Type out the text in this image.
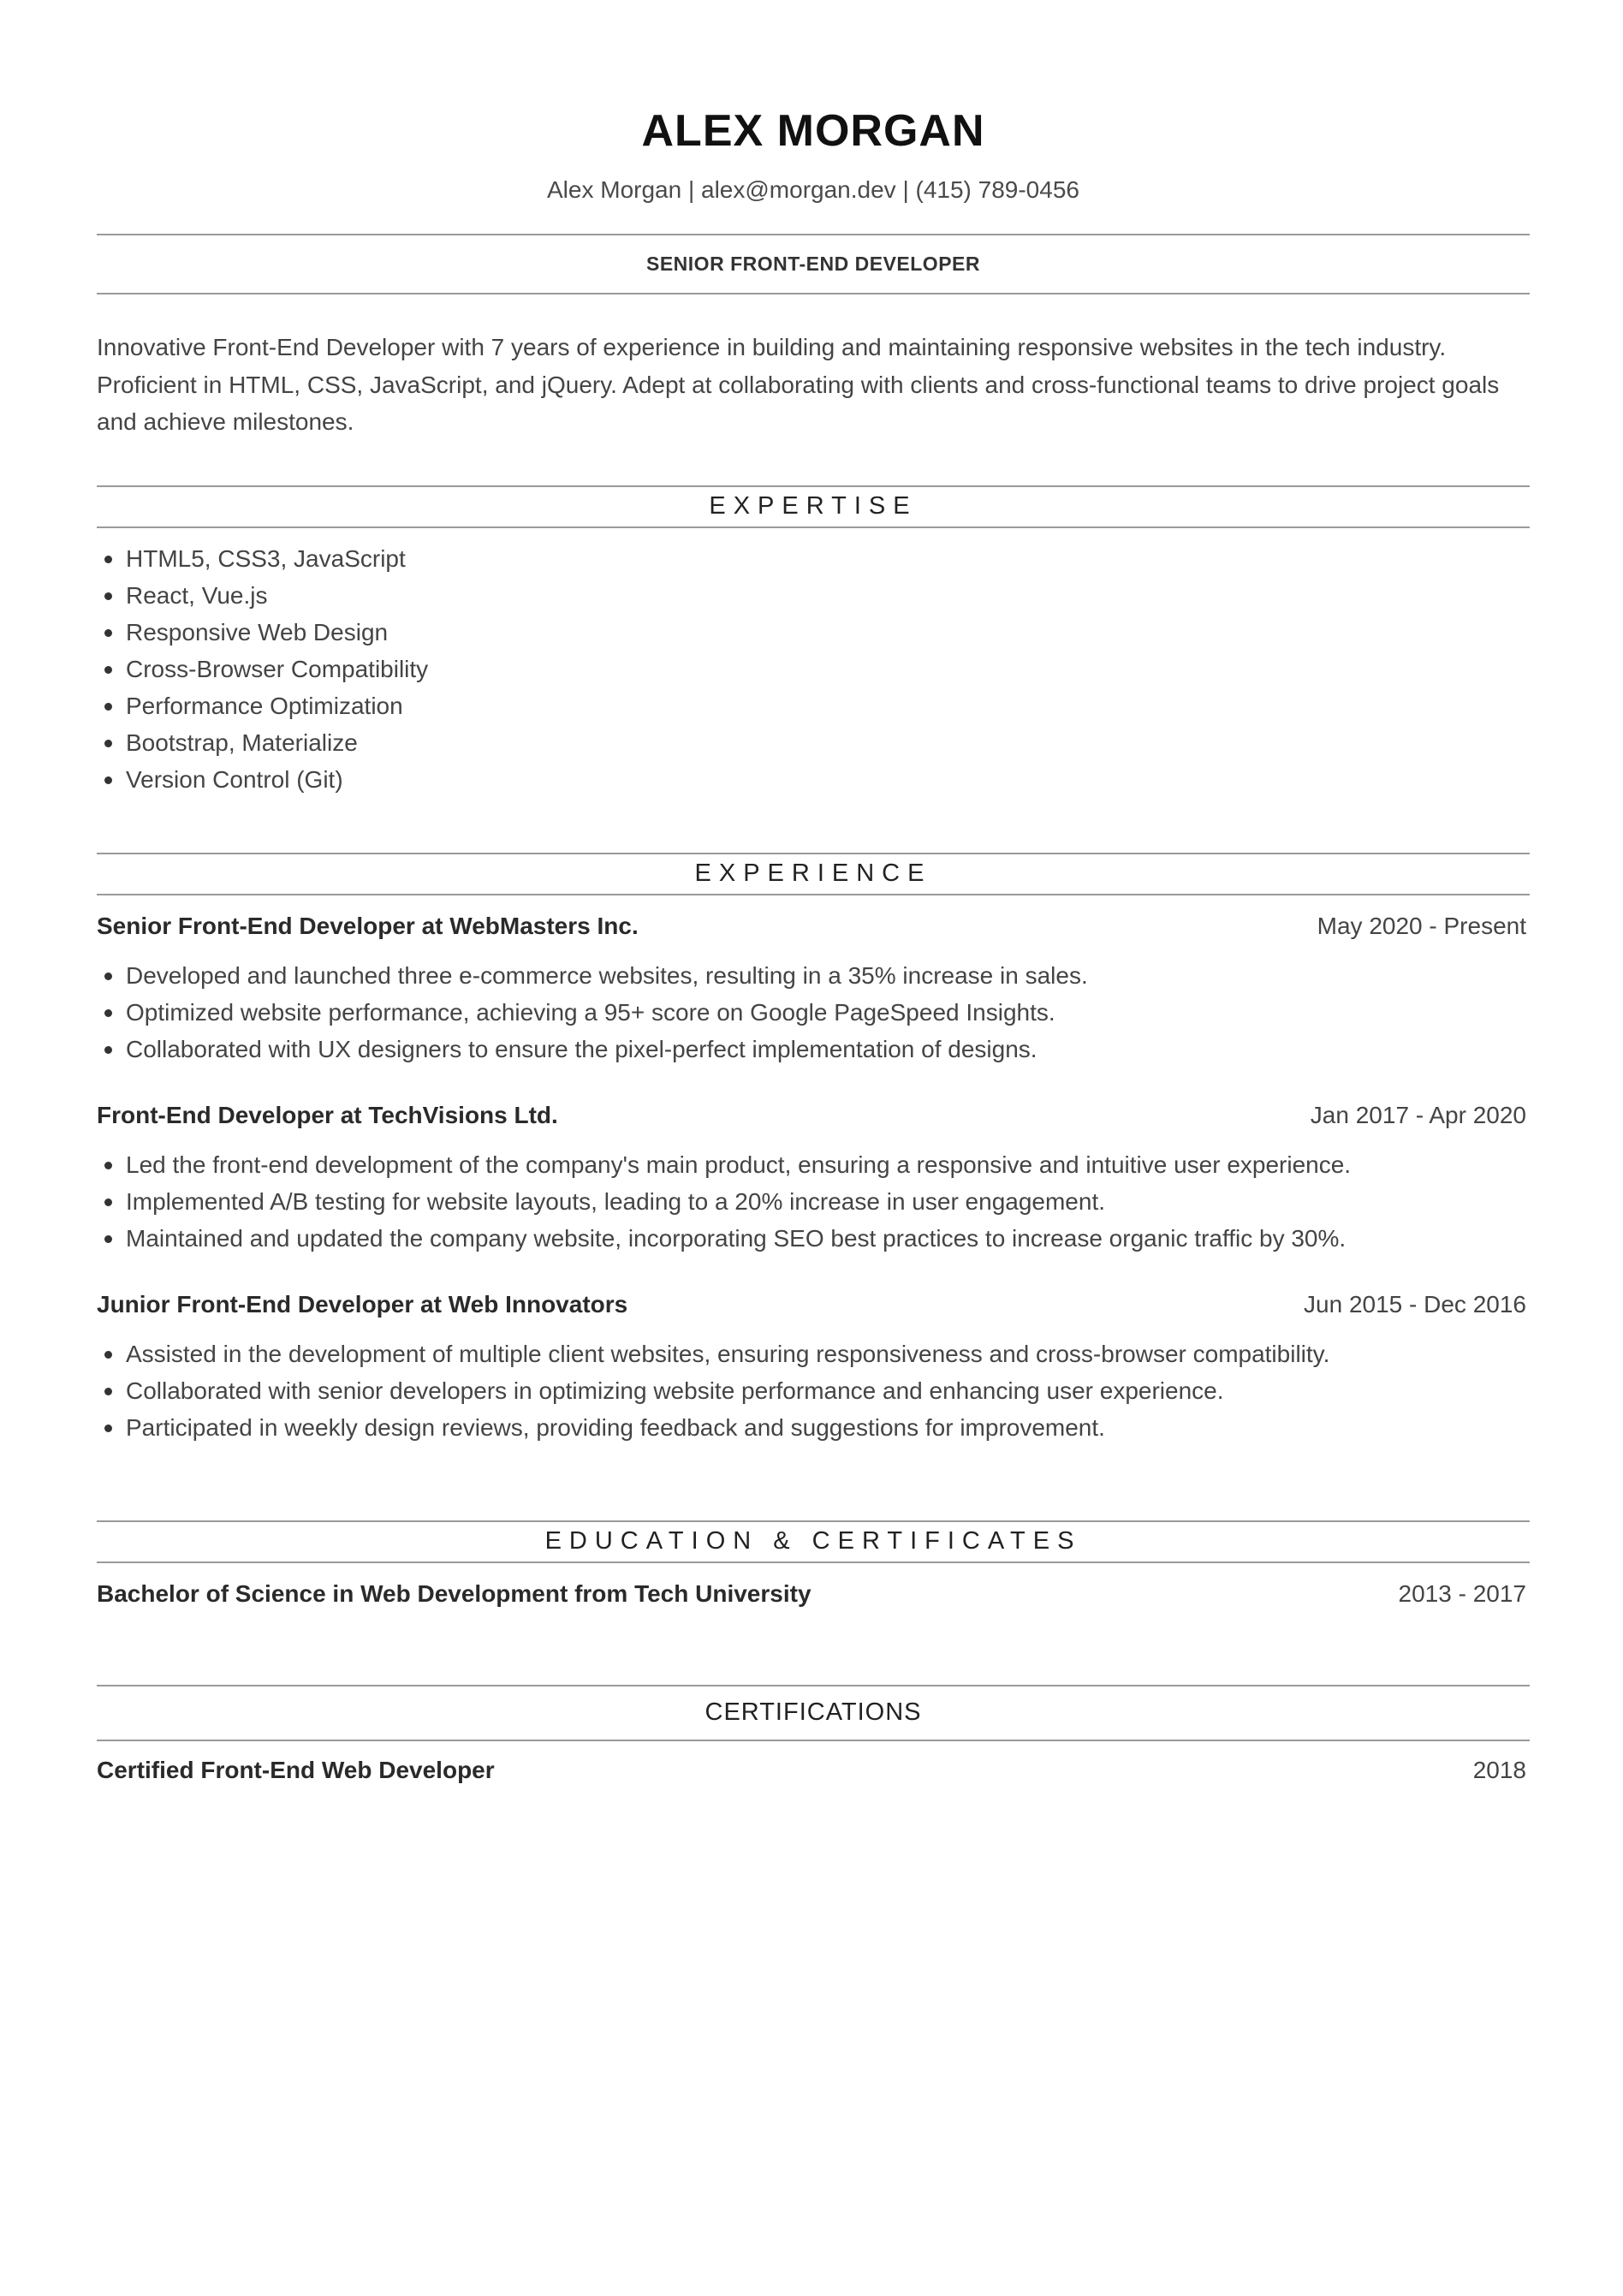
ALEX MORGAN
Alex Morgan | alex@morgan.dev | (415) 789-0456
SENIOR FRONT-END DEVELOPER
Innovative Front-End Developer with 7 years of experience in building and maintaining responsive websites in the tech industry. Proficient in HTML, CSS, JavaScript, and jQuery. Adept at collaborating with clients and cross-functional teams to drive project goals and achieve milestones.
EXPERTISE
HTML5, CSS3, JavaScript
React, Vue.js
Responsive Web Design
Cross-Browser Compatibility
Performance Optimization
Bootstrap, Materialize
Version Control (Git)
EXPERIENCE
Senior Front-End Developer at WebMasters Inc.	May 2020 - Present
Developed and launched three e-commerce websites, resulting in a 35% increase in sales.
Optimized website performance, achieving a 95+ score on Google PageSpeed Insights.
Collaborated with UX designers to ensure the pixel-perfect implementation of designs.
Front-End Developer at TechVisions Ltd.	Jan 2017 - Apr 2020
Led the front-end development of the company's main product, ensuring a responsive and intuitive user experience.
Implemented A/B testing for website layouts, leading to a 20% increase in user engagement.
Maintained and updated the company website, incorporating SEO best practices to increase organic traffic by 30%.
Junior Front-End Developer at Web Innovators	Jun 2015 - Dec 2016
Assisted in the development of multiple client websites, ensuring responsiveness and cross-browser compatibility.
Collaborated with senior developers in optimizing website performance and enhancing user experience.
Participated in weekly design reviews, providing feedback and suggestions for improvement.
EDUCATION & CERTIFICATES
Bachelor of Science in Web Development from Tech University	2013 - 2017
CERTIFICATIONS
Certified Front-End Web Developer	2018
